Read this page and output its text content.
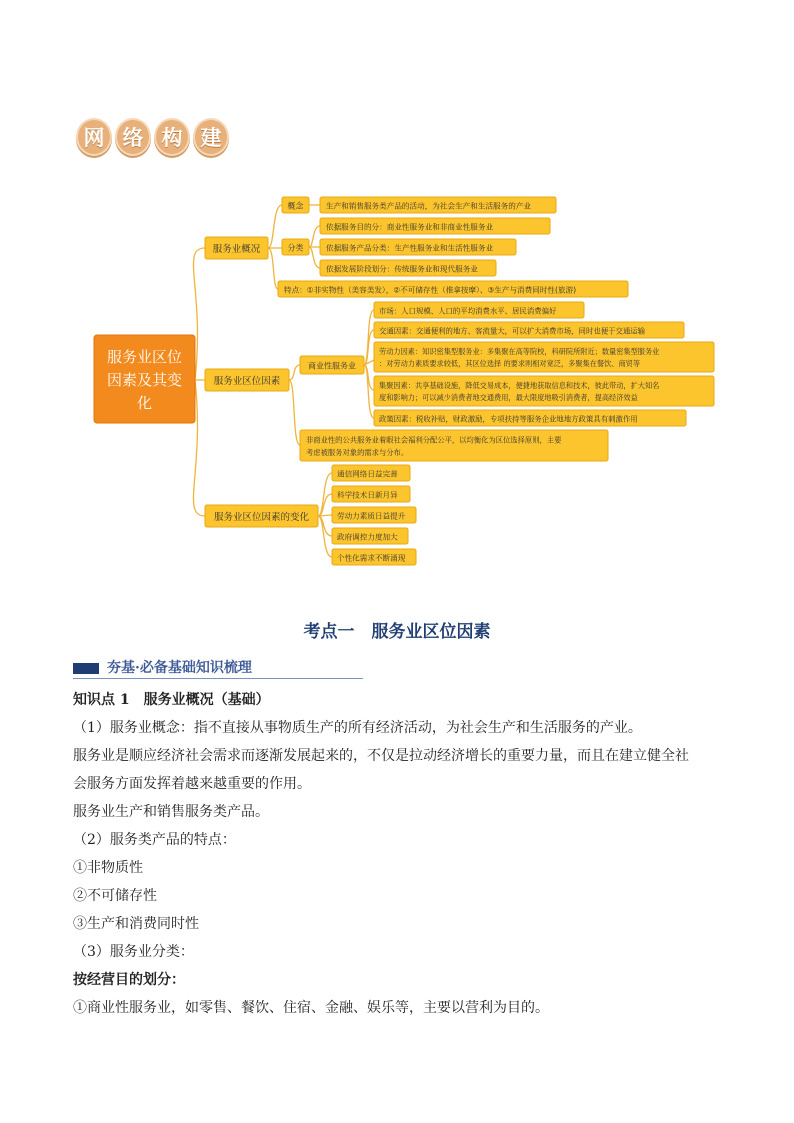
网 络 构 建
服务业区位
因素及其变
化
服务业概况
概念	生产和销售服务类产品的活动，为社会生产和生活服务的产业
分类
依据服务目的分：商业性服务业和非商业性服务业
依据服务产品分类：生产性服务业和生活性服务业
依据发展阶段划分：传统服务业和现代服务业
特点：①非实物性（美容美发），②不可储存性（推拿按摩）、③生产与消费同时性(旅游)
服务业区位因素
商业性服务业
市场：人口规模、人口的平均消费水平、居民消费偏好
交通因素：交通便利的地方、客流量大，可以扩大消费市场，同时也便于交通运输
劳动力因素：知识密集型服务业：多集聚在高等院校，科研院所附近；数量密集型服务业
：对劳动力素质要求较低，其区位选择 的要求则相对宽泛，多聚集在餐饮、商贸等
集聚因素：共享基础设施，降低交易成本，便捷地获取信息和技术，彼此带动，扩大知名
度和影响力；可以减少消费者地交通费用，最大限度地吸引消费者，提高经济效益
政策因素：税收补贴，财政激励，专项扶持等服务企业地地方政策具有刺激作用
非商业性的公共服务业着眼社会福利分配公平，以均衡化为区位选择原则，主要
考虑被服务对象的需求与分布。
服务业区位因素的变化
通信网络日益完善
科学技术日新月异
劳动力素质日益提升
政府调控力度加大
个性化需求不断涌现
考点一　服务业区位因素
夯基·必备基础知识梳理

知识点 1　服务业概况（基础）

（1）服务业概念：指不直接从事物质生产的所有经济活动，为社会生产和生活服务的产业。

服务业是顺应经济社会需求而逐渐发展起来的，不仅是拉动经济增长的重要力量，而且在建立健全社

会服务方面发挥着越来越重要的作用。

服务业生产和销售服务类产品。

（2）服务类产品的特点：

①非物质性

②不可储存性

③生产和消费同时性

（3）服务业分类：

按经营目的划分：

①商业性服务业，如零售、餐饮、住宿、金融、娱乐等，主要以营利为目的。
